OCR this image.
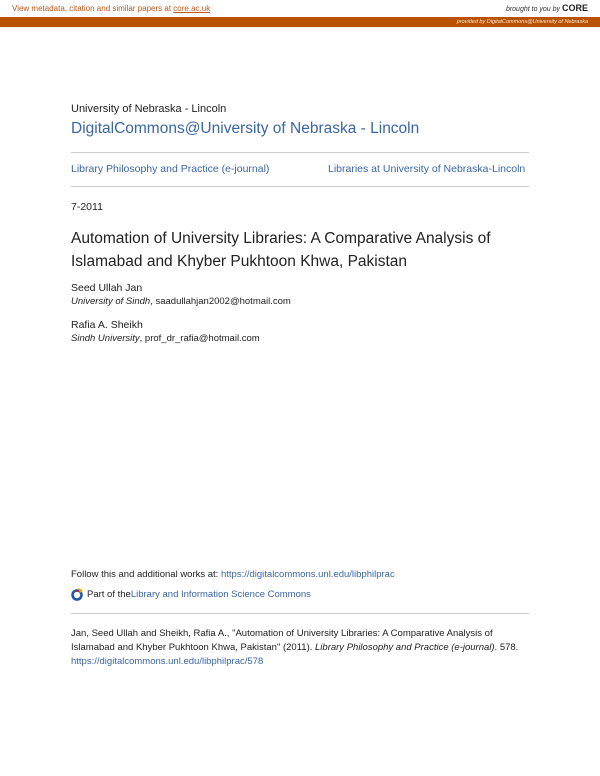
View metadata, citation and similar papers at core.ac.uk	brought to you by CORE
provided by DigitalCommons@University of Nebraska
University of Nebraska - Lincoln
DigitalCommons@University of Nebraska - Lincoln
Library Philosophy and Practice (e-journal)	Libraries at University of Nebraska-Lincoln
7-2011
Automation of University Libraries: A Comparative Analysis of Islamabad and Khyber Pukhtoon Khwa, Pakistan
Seed Ullah Jan
University of Sindh, saadullahjan2002@hotmail.com
Rafia A. Sheikh
Sindh University, prof_dr_rafia@hotmail.com
Follow this and additional works at: https://digitalcommons.unl.edu/libphilprac
Part of the Library and Information Science Commons
Jan, Seed Ullah and Sheikh, Rafia A., "Automation of University Libraries: A Comparative Analysis of Islamabad and Khyber Pukhtoon Khwa, Pakistan" (2011). Library Philosophy and Practice (e-journal). 578.
https://digitalcommons.unl.edu/libphilprac/578
